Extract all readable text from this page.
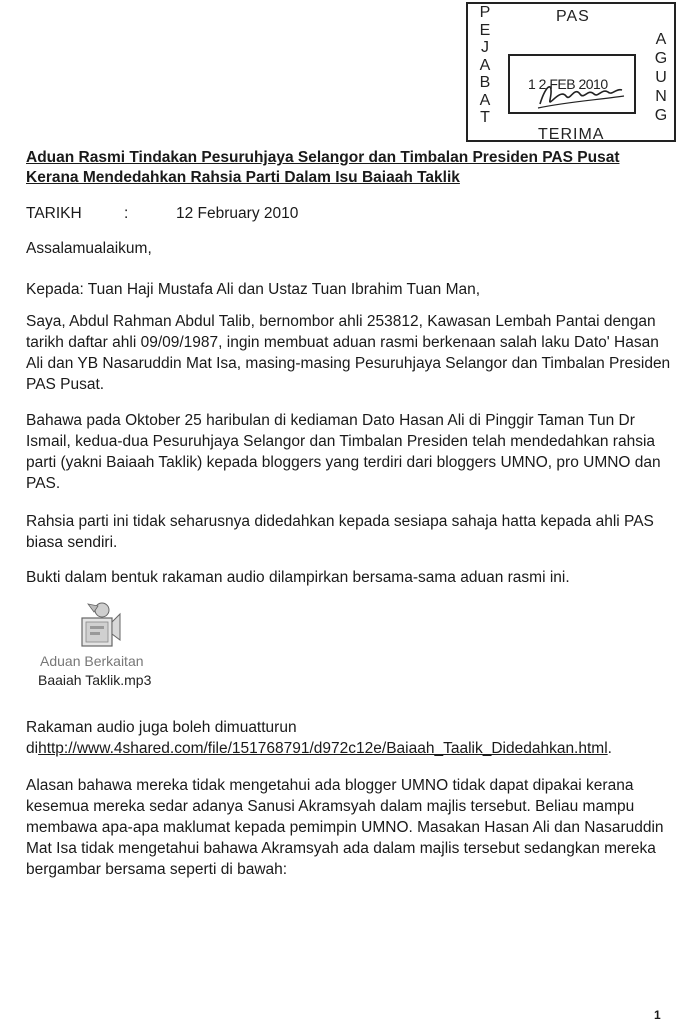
P
E
J
A
B
A
T
A
G
U
N
G
PAS
1 2 FEB 2010
TERIMA
Aduan Rasmi Tindakan Pesuruhjaya Selangor dan Timbalan Presiden PAS Pusat
Kerana Mendedahkan Rahsia Parti Dalam Isu Baiaah Taklik
TARIKH	:	12 February 2010

Assalamualaikum,

Kepada: Tuan Haji Mustafa Ali dan Ustaz Tuan Ibrahim Tuan Man,

Saya, Abdul Rahman Abdul Talib, bernombor ahli 253812, Kawasan Lembah Pantai dengan tarikh daftar ahli 09/09/1987, ingin membuat aduan rasmi berkenaan salah laku Dato' Hasan Ali dan YB Nasaruddin Mat Isa, masing-masing Pesuruhjaya Selangor dan Timbalan Presiden PAS Pusat.

Bahawa pada Oktober 25 haribulan di kediaman Dato Hasan Ali di Pinggir Taman Tun Dr Ismail, kedua-dua Pesuruhjaya Selangor dan Timbalan Presiden telah mendedahkan rahsia parti (yakni Baiaah Taklik) kepada bloggers yang terdiri dari bloggers UMNO, pro UMNO dan PAS.

Rahsia parti ini tidak seharusnya didedahkan kepada sesiapa sahaja hatta kepada ahli PAS biasa sendiri.

Bukti dalam bentuk rakaman audio dilampirkan bersama-sama aduan rasmi ini.

Aduan Berkaitan
Baaiah Taklik.mp3

Rakaman audio juga boleh dimuatturun
dihttp://www.4shared.com/file/151768791/d972c12e/Baiaah_Taalik_Didedahkan.html.

Alasan bahawa mereka tidak mengetahui ada blogger UMNO tidak dapat dipakai kerana kesemua mereka sedar adanya Sanusi Akramsyah dalam majlis tersebut. Beliau mampu membawa apa-apa maklumat kepada pemimpin UMNO. Masakan Hasan Ali dan Nasaruddin Mat Isa tidak mengetahui bahawa Akramsyah ada dalam majlis tersebut sedangkan mereka bergambar bersama seperti di bawah:

1
